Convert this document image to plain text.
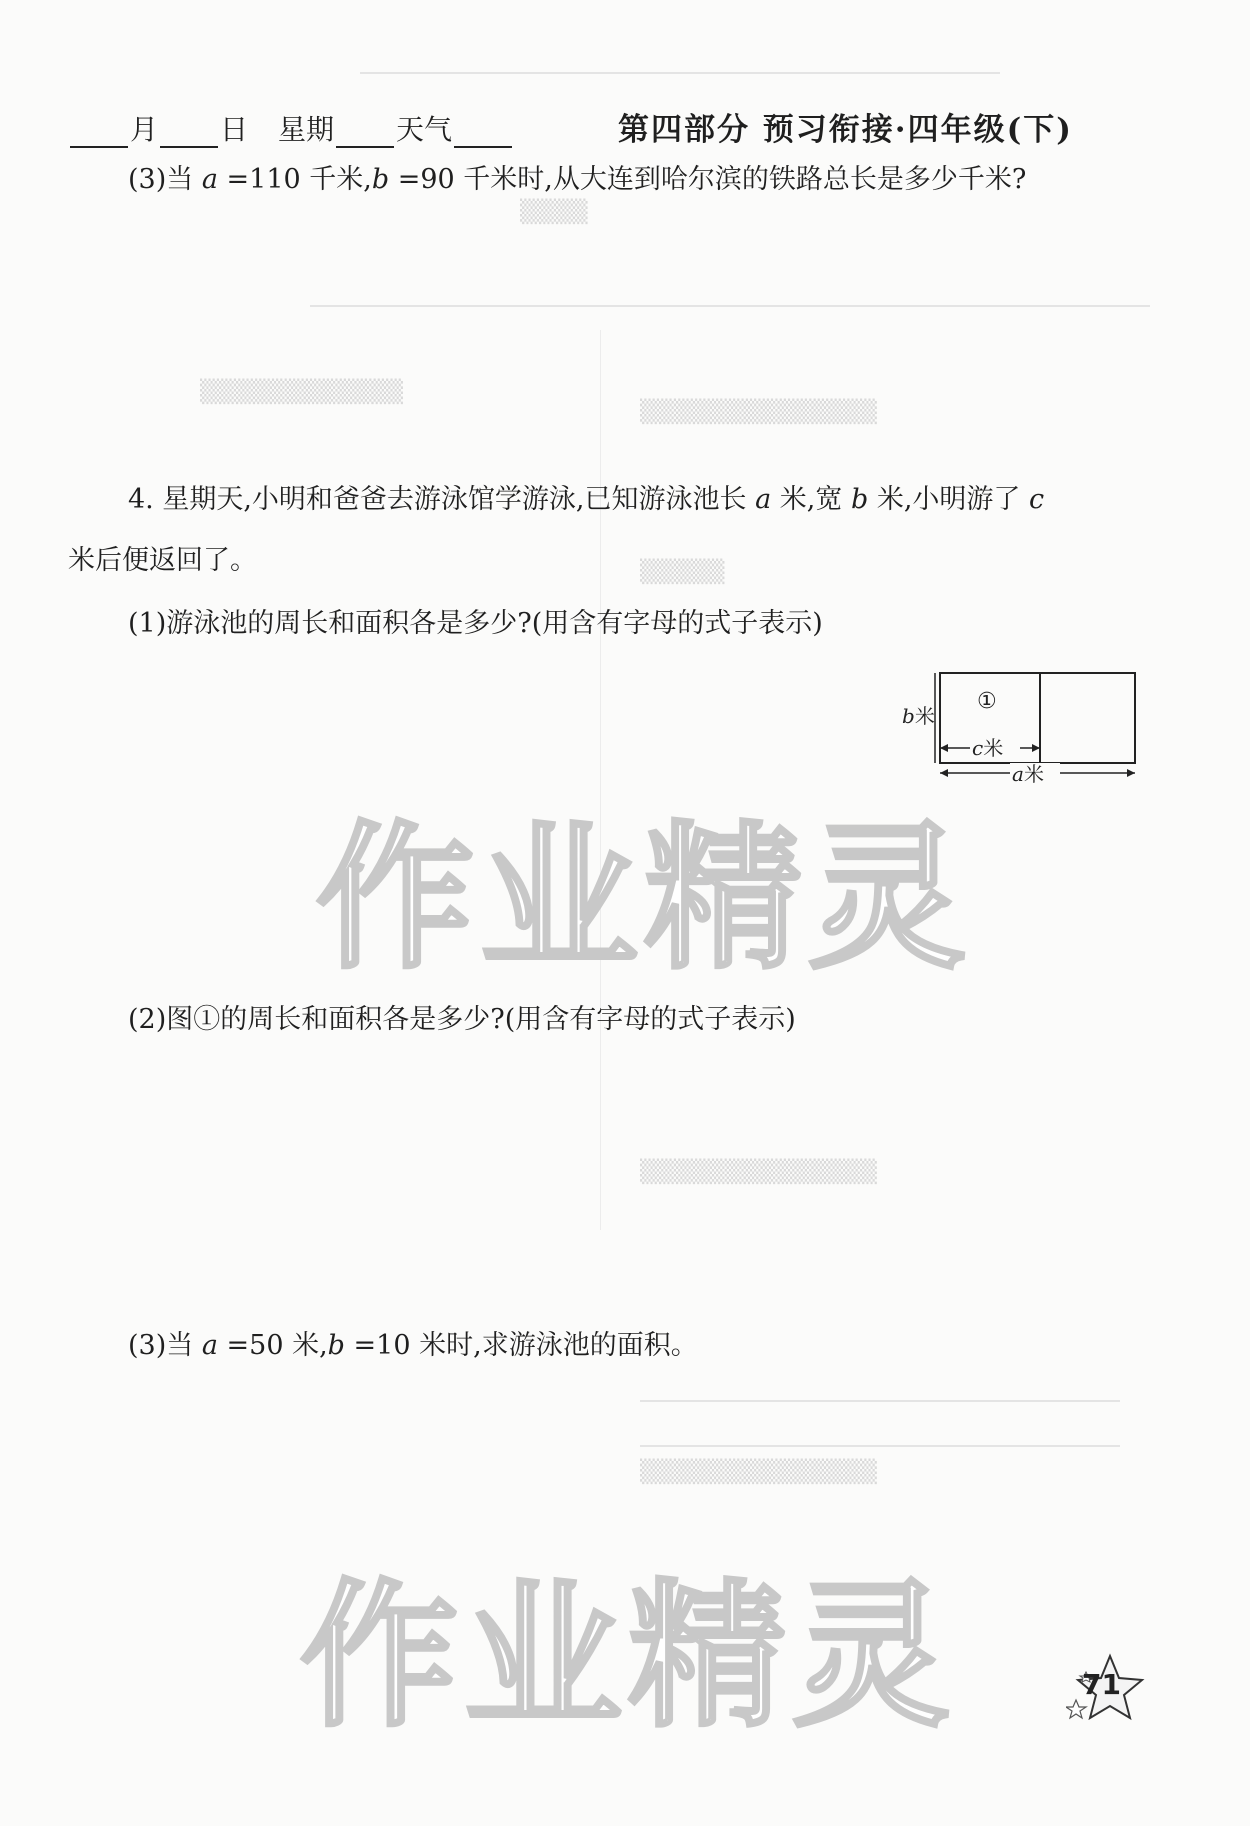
▒▒▒▒
▒▒▒▒▒▒▒▒▒▒▒▒
▒▒▒▒▒▒▒▒▒▒▒▒▒▒
▒▒▒▒▒
▒▒▒▒▒▒▒▒▒▒▒▒▒▒
▒▒▒▒▒▒▒▒▒▒▒▒▒▒
月 日 星期 天气	第四部分 预习衔接·四年级(下)
(3)当 a =110 千米,b =90 千米时,从大连到哈尔滨的铁路总长是多少千米?
4. 星期天,小明和爸爸去游泳馆学游泳,已知游泳池长 a 米,宽 b 米,小明游了 c
米后便返回了。
(1)游泳池的周长和面积各是多少?(用含有字母的式子表示)
①
b米
c米
a米
作业精灵
(2)图①的周长和面积各是多少?(用含有字母的式子表示)
(3)当 a =50 米,b =10 米时,求游泳池的面积。
作业精灵	71
